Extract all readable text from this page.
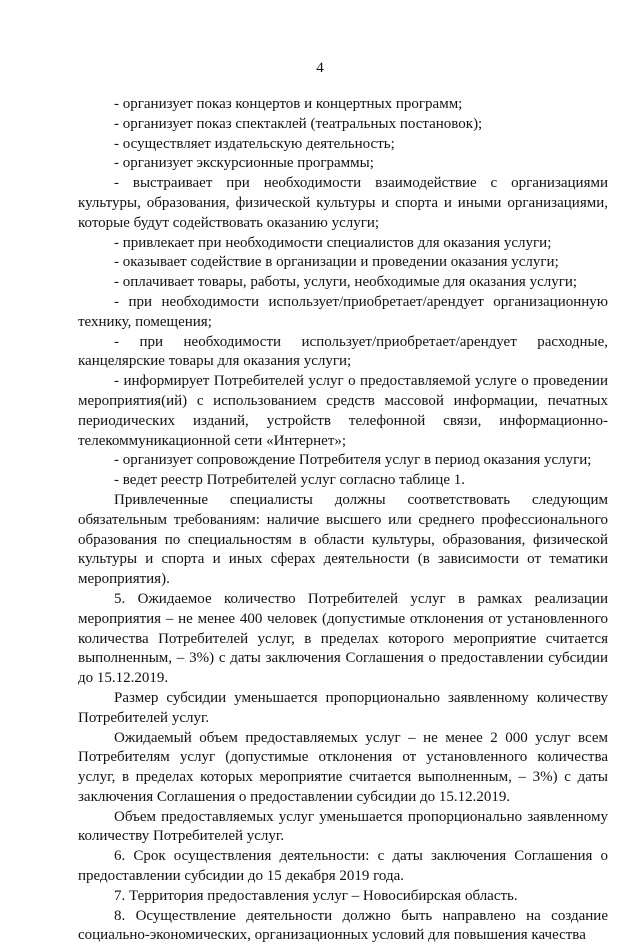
4

- организует показ концертов и концертных программ;

- организует показ спектаклей (театральных постановок);

- осуществляет издательскую деятельность;

- организует экскурсионные программы;

- выстраивает при необходимости взаимодействие с организациями культуры, образования, физической культуры и спорта и иными организациями, которые будут содействовать оказанию услуги;

- привлекает при необходимости специалистов для оказания услуги;

- оказывает содействие в организации и проведении оказания услуги;

- оплачивает товары, работы, услуги, необходимые для оказания услуги;

- при необходимости использует/приобретает/арендует организационную технику, помещения;

- при необходимости использует/приобретает/арендует расходные, канцелярские товары для оказания услуги;

- информирует Потребителей услуг о предоставляемой услуге о проведении мероприятия(ий) с использованием средств массовой информации, печатных периодических изданий, устройств телефонной связи, информационно-телекоммуникационной сети «Интернет»;

- организует сопровождение Потребителя услуг в период оказания услуги;

- ведет реестр Потребителей услуг согласно таблице 1.

Привлеченные специалисты должны соответствовать следующим обязательным требованиям: наличие высшего или среднего профессионального образования по специальностям в области культуры, образования, физической культуры и спорта и иных сферах деятельности (в зависимости от тематики мероприятия).

5. Ожидаемое количество Потребителей услуг в рамках реализации мероприятия – не менее 400 человек (допустимые отклонения от установленного количества Потребителей услуг, в пределах которого мероприятие считается выполненным, – 3%) с даты заключения Соглашения о предоставлении субсидии до 15.12.2019.

Размер субсидии уменьшается пропорционально заявленному количеству Потребителей услуг.

Ожидаемый объем предоставляемых услуг – не менее 2 000 услуг всем Потребителям услуг (допустимые отклонения от установленного количества услуг, в пределах которых мероприятие считается выполненным, – 3%) с даты заключения Соглашения о предоставлении субсидии до 15.12.2019.

Объем предоставляемых услуг уменьшается пропорционально заявленному количеству Потребителей услуг.

6. Срок осуществления деятельности: с даты заключения Соглашения о предоставлении субсидии до 15 декабря 2019 года.

7. Территория предоставления услуг – Новосибирская область.

8. Осуществление деятельности должно быть направлено на создание социально-экономических, организационных условий для повышения качества
